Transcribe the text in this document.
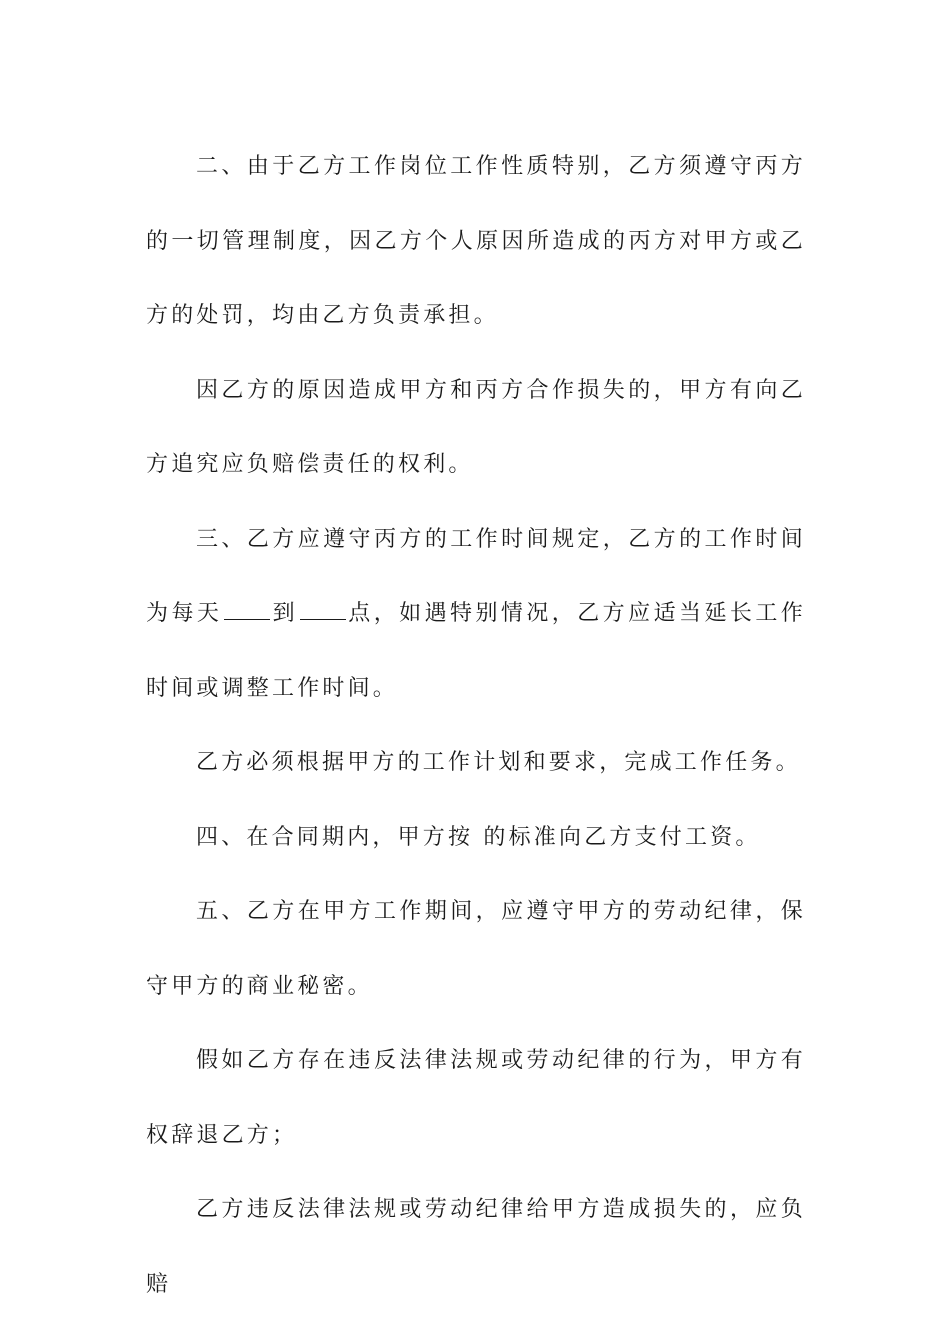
二、由于乙方工作岗位工作性质特别，乙方须遵守丙方的一切管理制度，因乙方个人原因所造成的丙方对甲方或乙方的处罚，均由乙方负责承担。

因乙方的原因造成甲方和丙方合作损失的，甲方有向乙方追究应负赔偿责任的权利。

三、乙方应遵守丙方的工作时间规定，乙方的工作时间为每天 到 点，如遇特别情况，乙方应适当延长工作时间或调整工作时间。

乙方必须根据甲方的工作计划和要求，完成工作任务。

四、在合同期内，甲方按 的标准向乙方支付工资。

五、乙方在甲方工作期间，应遵守甲方的劳动纪律，保守甲方的商业秘密。

假如乙方存在违反法律法规或劳动纪律的行为，甲方有权辞退乙方；

乙方违反法律法规或劳动纪律给甲方造成损失的，应负赔
